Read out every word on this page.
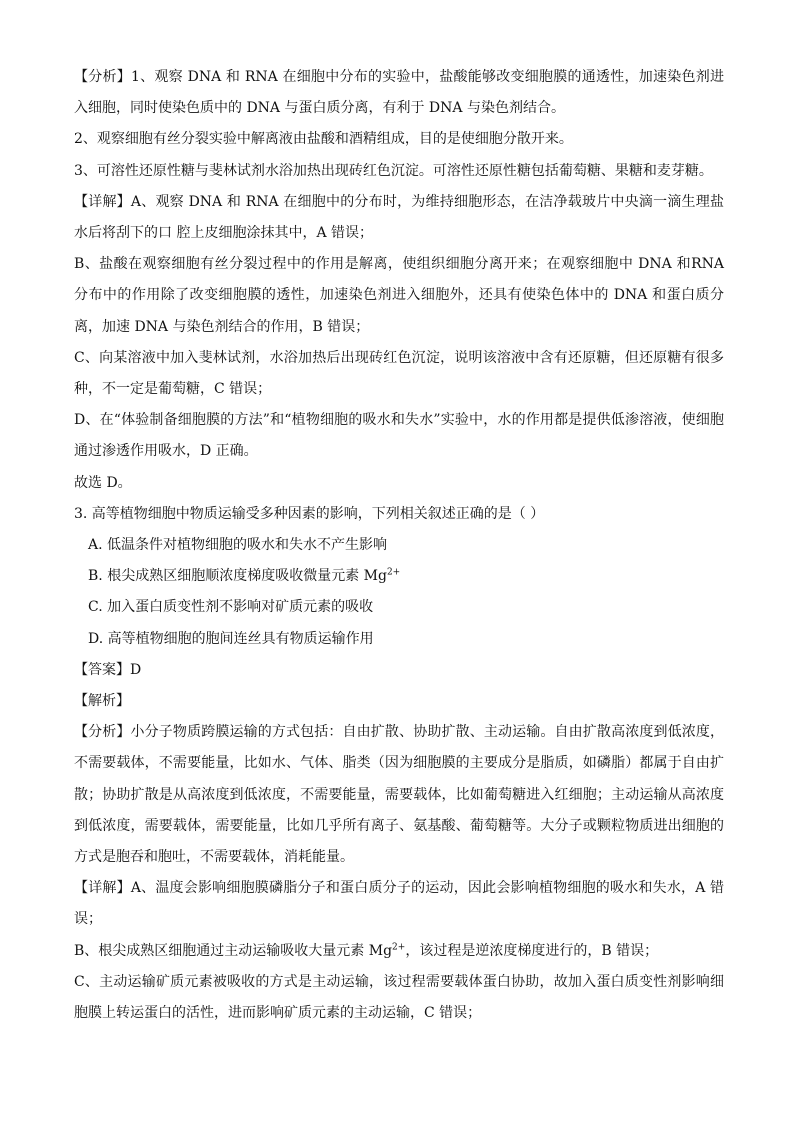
【分析】1、观察 DNA 和 RNA 在细胞中分布的实验中，盐酸能够改变细胞膜的通透性，加速染色剂进入细胞，同时使染色质中的 DNA 与蛋白质分离，有利于 DNA 与染色剂结合。

2、观察细胞有丝分裂实验中解离液由盐酸和酒精组成，目的是使细胞分散开来。

3、可溶性还原性糖与斐林试剂水浴加热出现砖红色沉淀。可溶性还原性糖包括葡萄糖、果糖和麦芽糖。

【详解】A、观察 DNA 和 RNA 在细胞中的分布时，为维持细胞形态，在洁净载玻片中央滴一滴生理盐水后将刮下的口 腔上皮细胞涂抹其中，A 错误；

B、盐酸在观察细胞有丝分裂过程中的作用是解离，使组织细胞分离开来；在观察细胞中 DNA 和RNA 分布中的作用除了改变细胞膜的透性，加速染色剂进入细胞外，还具有使染色体中的 DNA 和蛋白质分离，加速 DNA 与染色剂结合的作用，B 错误；

C、向某溶液中加入斐林试剂，水浴加热后出现砖红色沉淀，说明该溶液中含有还原糖，但还原糖有很多种，不一定是葡萄糖，C 错误；

D、在“体验制备细胞膜的方法”和“植物细胞的吸水和失水”实验中，水的作用都是提供低渗溶液，使细胞通过渗透作用吸水，D 正确。

故选 D。

3. 高等植物细胞中物质运输受多种因素的影响，下列相关叙述正确的是（ ）

A. 低温条件对植物细胞的吸水和失水不产生影响

B. 根尖成熟区细胞顺浓度梯度吸收微量元素 $Mg^{2+}$

C. 加入蛋白质变性剂不影响对矿质元素的吸收

D. 高等植物细胞的胞间连丝具有物质运输作用

【答案】D

【解析】

【分析】小分子物质跨膜运输的方式包括：自由扩散、协助扩散、主动运输。自由扩散高浓度到低浓度，不需要载体，不需要能量，比如水、气体、脂类（因为细胞膜的主要成分是脂质，如磷脂）都属于自由扩散；协助扩散是从高浓度到低浓度，不需要能量，需要载体，比如葡萄糖进入红细胞；主动运输从高浓度到低浓度，需要载体，需要能量，比如几乎所有离子、氨基酸、葡萄糖等。大分子或颗粒物质进出细胞的方式是胞吞和胞吐，不需要载体，消耗能量。

【详解】A、温度会影响细胞膜磷脂分子和蛋白质分子的运动，因此会影响植物细胞的吸水和失水，A 错误；

B、根尖成熟区细胞通过主动运输吸收大量元素 $Mg^{2+}$，该过程是逆浓度梯度进行的，B 错误；

C、主动运输矿质元素被吸收的方式是主动运输，该过程需要载体蛋白协助，故加入蛋白质变性剂影响细胞膜上转运蛋白的活性，进而影响矿质元素的主动运输，C 错误；
